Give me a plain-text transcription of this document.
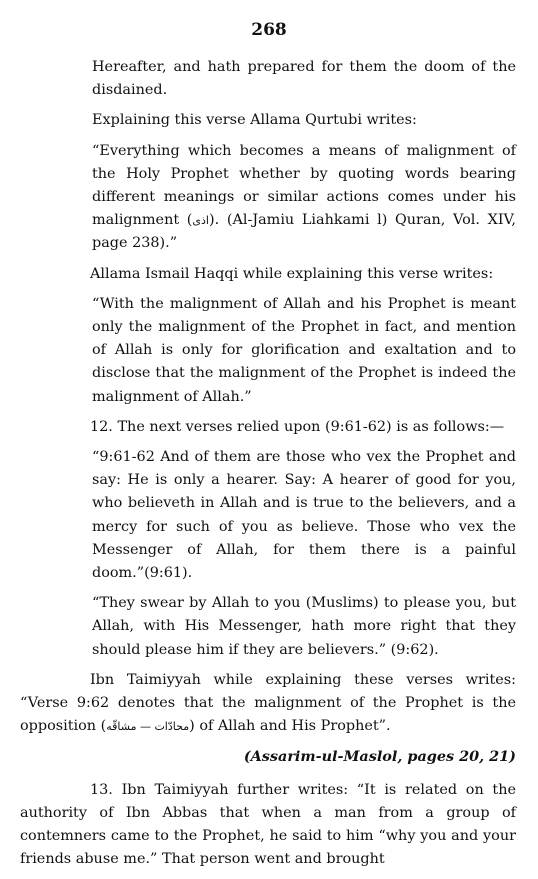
268

Hereafter, and hath prepared for them the doom of the disdained.

Explaining this verse Allama Qurtubi writes:

“Everything which becomes a means of malignment of the Holy Prophet whether by quoting words bearing different meanings or similar actions comes under his malignment (اذى). (Al-Jamiu Liahkami l) Quran, Vol. XIV, page 238).”

Allama Ismail Haqqi while explaining this verse writes:

“With the malignment of Allah and his Prophet is meant only the malignment of the Prophet in fact, and mention of Allah is only for glorification and exaltation and to disclose that the malignment of the Prophet is indeed the malignment of Allah.”

12. The next verses relied upon (9:61-62) is as follows:—

“9:61-62 And of them are those who vex the Prophet and say: He is only a hearer. Say: A hearer of good for you, who believeth in Allah and is true to the believers, and a mercy for such of you as believe. Those who vex the Messenger of Allah, for them there is a painful doom.”(9:61).

“They swear by Allah to you (Muslims) to please you, but Allah, with His Messenger, hath more right that they should please him if they are believers.” (9:62).

Ibn Taimiyyah while explaining these verses writes: “Verse 9:62 denotes that the malignment of the Prophet is the opposition (محادّات — مشاقّه) of Allah and His Prophet”.

(Assarim-ul-Maslol, pages 20, 21)

13. Ibn Taimiyyah further writes: “It is related on the authority of Ibn Abbas that when a man from a group of contemners came to the Prophet, he said to him “why you and your friends abuse me.” That person went and brought
